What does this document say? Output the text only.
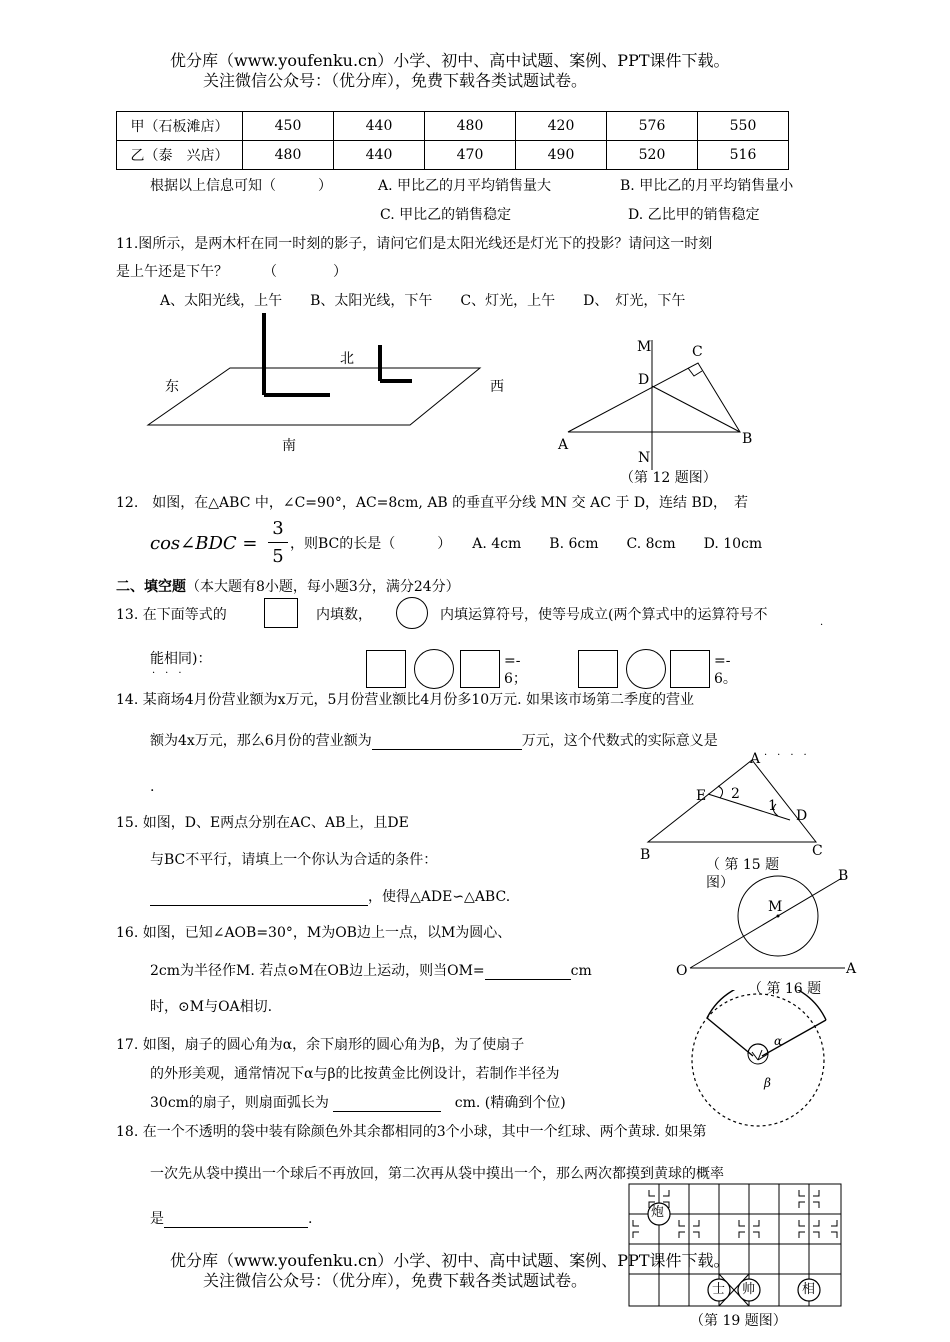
优分库（www.youfenku.cn）小学、初中、高中试题、案例、PPT课件下载。
关注微信公众号：（优分库），免费下载各类试题试卷。
甲（石板滩店）	450	440	480	420	576	550
乙（泰　兴店）	480	440	470	490	520	516
根据以上信息可知（　　　）	A. 甲比乙的月平均销售量大	B. 甲比乙的月平均销售量小
C. 甲比乙的销售稳定	D. 乙比甲的销售稳定
11.图所示，是两木杆在同一时刻的影子，请问它们是太阳光线还是灯光下的投影？请问这一时刻
是上午还是下午？　　　（　　　　）
A、太阳光线，上午　　B、太阳光线，下午　　C、灯光，上午　　D、　灯光，下午
北
东	西
南
M	C
D
A	B
N
（第 12 题图）
12.　如图，在△ABC 中，∠C=90°，AC=8cm, AB 的垂直平分线 MN 交 AC 于 D，连结 BD，　若
cos∠BDC =
3
5
，则BC的长是（　　　）　　A. 4cm　　B. 6cm　　C. 8cm　　D. 10cm
二、填空题（本大题有8小题，每小题3分，满分24分）
13. 在下面等式的	内填数，	内填运算符号，使等号成立(两个算式中的运算符号不
·
能相同)：
·　·　·
=-
6；
=-
6。
14. 某商场4月份营业额为x万元，5月份营业额比4月份多10万元. 如果该市场第二季度的营业
额为4x万元，那么6月份的营业额为	万元，这个代数式的实际意义是
·　·　·　·
.
A
E 2
1
D
B	C
（ 第 15 题
图）
15. 如图，D、E两点分别在AC、AB上，且DE
与BC不平行，请填上一个你认为合适的条件：
，使得△ADE∽△ABC.
B
M
O	A
（ 第 16 题
16. 如图，已知∠AOB=30°，M为OB边上一点，以M为圆心、
2cm为半径作M. 若点⊙M在OB边上运动，则当OM=	cm
时，⊙M与OA相切.
α
β
17. 如图，扇子的圆心角为α，余下扇形的圆心角为β，为了使扇子
的外形美观，通常情况下α与β的比按黄金比例设计，若制作半径为
30cm的扇子，则扇面弧长为	cm. (精确到个位)
18. 在一个不透明的袋中装有除颜色外其余都相同的3个小球，其中一个红球、两个黄球. 如果第
一次先从袋中摸出一个球后不再放回，第二次再从袋中摸出一个，那么两次都摸到黄球的概率
是	.	炮
士 帅	相
（第 19 题图）
优分库（www.youfenku.cn）小学、初中、高中试题、案例、PPT课件下载。
关注微信公众号：（优分库），免费下载各类试题试卷。
